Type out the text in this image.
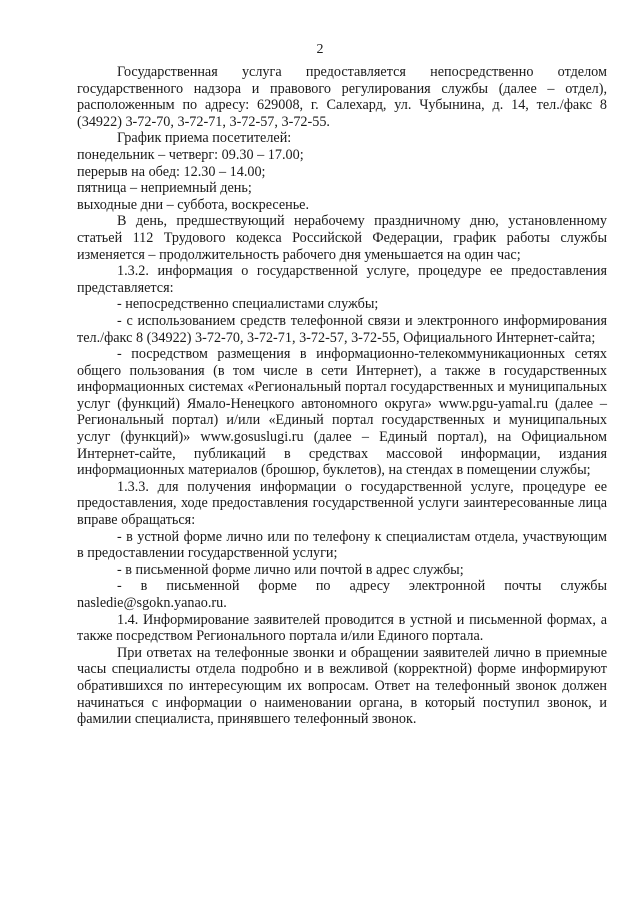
2

Государственная услуга предоставляется непосредственно отделом государственного надзора и правового регулирования службы (далее – отдел), расположенным по адресу: 629008, г. Салехард, ул. Чубынина, д. 14, тел./факс 8 (34922) 3-72-70, 3-72-71, 3-72-57, 3-72-55.

График приема посетителей:

понедельник – четверг: 09.30 – 17.00;

перерыв на обед: 12.30 – 14.00;

пятница – неприемный день;

выходные дни – суббота, воскресенье.

В день, предшествующий нерабочему праздничному дню, установленному статьей 112 Трудового кодекса Российской Федерации, график работы службы изменяется – продолжительность рабочего дня уменьшается на один час;

1.3.2. информация о государственной услуге, процедуре ее предоставления представляется:

- непосредственно специалистами службы;

- с использованием средств телефонной связи и электронного информирования тел./факс 8 (34922) 3-72-70, 3-72-71, 3-72-57, 3-72-55, Официального Интернет-сайта;

- посредством размещения в информационно-телекоммуникационных сетях общего пользования (в том числе в сети Интернет), а также в государственных информационных системах «Региональный портал государственных и муниципальных услуг (функций) Ямало-Ненецкого автономного округа» www.pgu-yamal.ru (далее – Региональный портал) и/или «Единый портал государственных и муниципальных услуг (функций)» www.gosuslugi.ru (далее – Единый портал), на Официальном Интернет-сайте, публикаций в средствах массовой информации, издания информационных материалов (брошюр, буклетов), на стендах в помещении службы;

1.3.3. для получения информации о государственной услуге, процедуре ее предоставления, ходе предоставления государственной услуги заинтересованные лица вправе обращаться:

- в устной форме лично или по телефону к специалистам отдела, участвующим в предоставлении государственной услуги;

- в письменной форме лично или почтой в адрес службы;

- в письменной форме по адресу электронной почты службы nasledie@sgokn.yanao.ru.

1.4. Информирование заявителей проводится в устной и письменной формах, а также посредством Регионального портала и/или Единого портала.

При ответах на телефонные звонки и обращении заявителей лично в приемные часы специалисты отдела подробно и в вежливой (корректной) форме информируют обратившихся по интересующим их вопросам. Ответ на телефонный звонок должен начинаться с информации о наименовании органа, в который поступил звонок, и фамилии специалиста, принявшего телефонный звонок.
